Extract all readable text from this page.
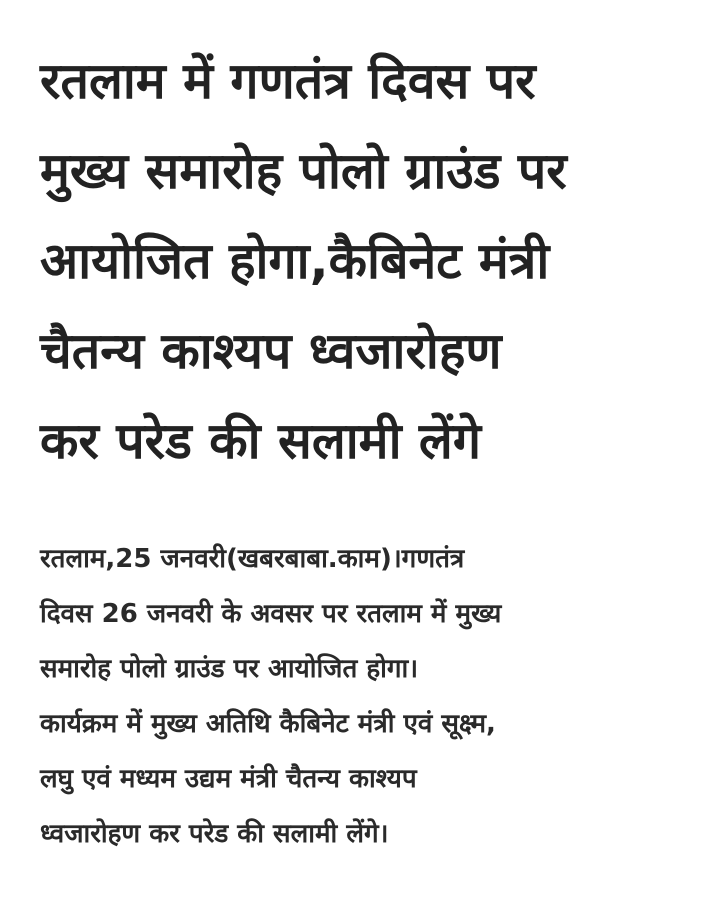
रतलाम में गणतंत्र दिवस पर
मुख्य समारोह पोलो ग्राउंड पर
आयोजित होगा,कैबिनेट मंत्री
चैतन्य काश्यप ध्वजारोहण
कर परेड की सलामी लेंगे

रतलाम,25 जनवरी(खबरबाबा.काम)।गणतंत्र
दिवस 26 जनवरी के अवसर पर रतलाम में मुख्य
समारोह पोलो ग्राउंड पर आयोजित होगा।
कार्यक्रम में मुख्य अतिथि कैबिनेट मंत्री एवं सूक्ष्म,
लघु एवं मध्यम उद्यम मंत्री चैतन्य काश्यप
ध्वजारोहण कर परेड की सलामी लेंगे।
